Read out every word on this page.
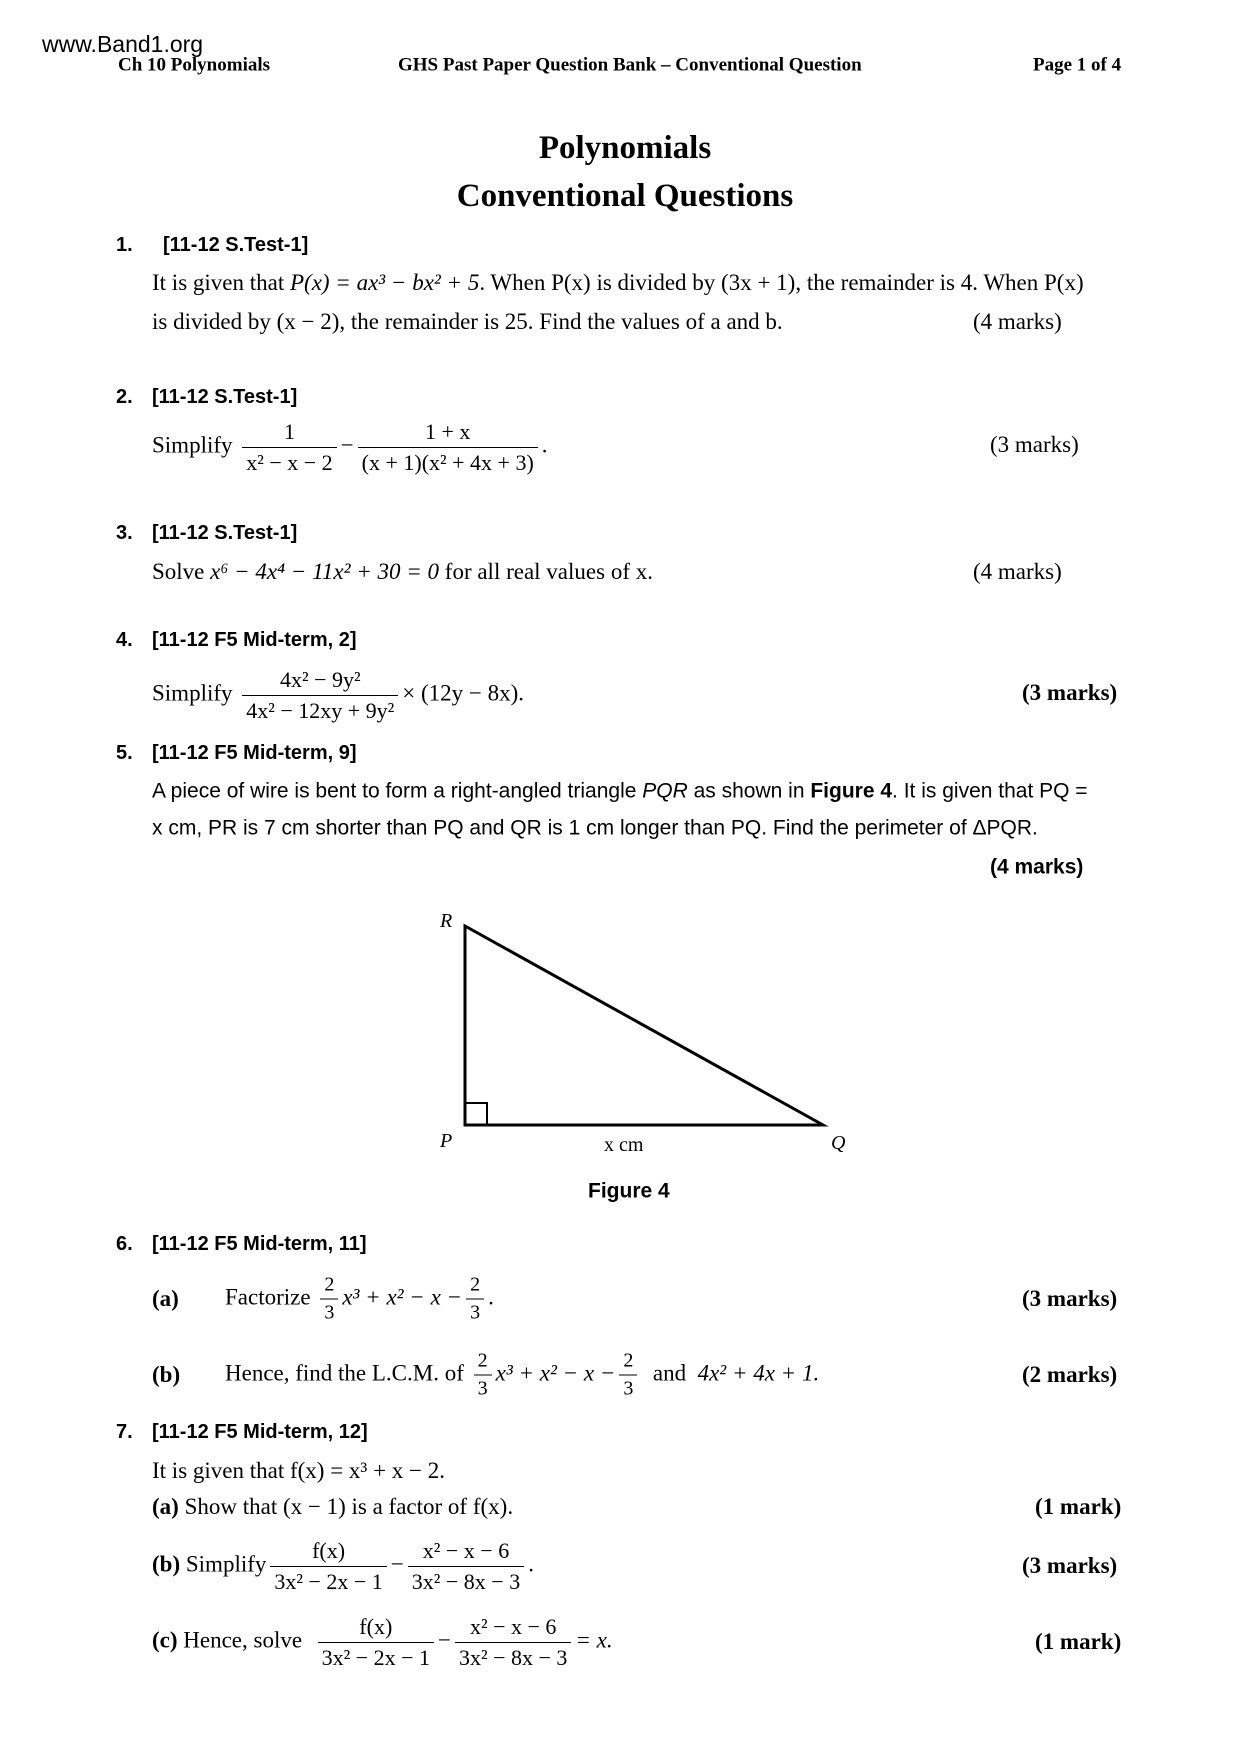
www.Band1.org
Ch 10 Polynomials	GHS Past Paper Question Bank – Conventional Question	Page 1 of 4
Polynomials
Conventional Questions
1. [11-12 S.Test-1]
It is given that P(x) = ax³ − bx² + 5. When P(x) is divided by (3x + 1), the remainder is 4. When P(x)
is divided by (x − 2), the remainder is 25. Find the values of a and b.	(4 marks)
2. [11-12 S.Test-1]
Simplify $\frac{1}{\text{x² − x − 2}} - \frac{1 + x}{\text{(x + 1)(x² + 4x + 3)}}$ .	(3 marks)
3. [11-12 S.Test-1]
Solve x⁶ − 4x⁴ − 11x² + 30 = 0 for all real values of x.	(4 marks)
4. [11-12 F5 Mid-term, 2]
Simplify $\frac{\text{4x² − 9y²}}{\text{4x² − 12xy + 9y²}} \times (12y - 8x)$.	(3 marks)
5. [11-12 F5 Mid-term, 9]
A piece of wire is bent to form a right-angled triangle PQR as shown in Figure 4. It is given that PQ =
x cm, PR is 7 cm shorter than PQ and QR is 1 cm longer than PQ. Find the perimeter of ΔPQR.
(4 marks)
R
P	Q
x cm
Figure 4
6. [11-12 F5 Mid-term, 11]
(a) Factorize $\frac{2}{3} x^3 + x^2 - x - \frac{2}{3}$ .	(3 marks)
(b) Hence, find the L.C.M. of $\frac{2}{3} x^3 + x^2 - x - \frac{2}{3}$ and 4x² + 4x + 1.	(2 marks)
7. [11-12 F5 Mid-term, 12]
It is given that f(x) = x³ + x − 2.
(a) Show that (x − 1) is a factor of f(x).	(1 mark)
(b) Simplify $\frac{f(x)}{\text{3x² − 2x − 1}} - \frac{\text{x² − x − 6}}{\text{3x² − 8x − 3}}$ .	(3 marks)
(c) Hence, solve $\frac{f(x)}{\text{3x² − 2x − 1}} - \frac{\text{x² − x − 6}}{\text{3x² − 8x − 3}} = x$.	(1 mark)
